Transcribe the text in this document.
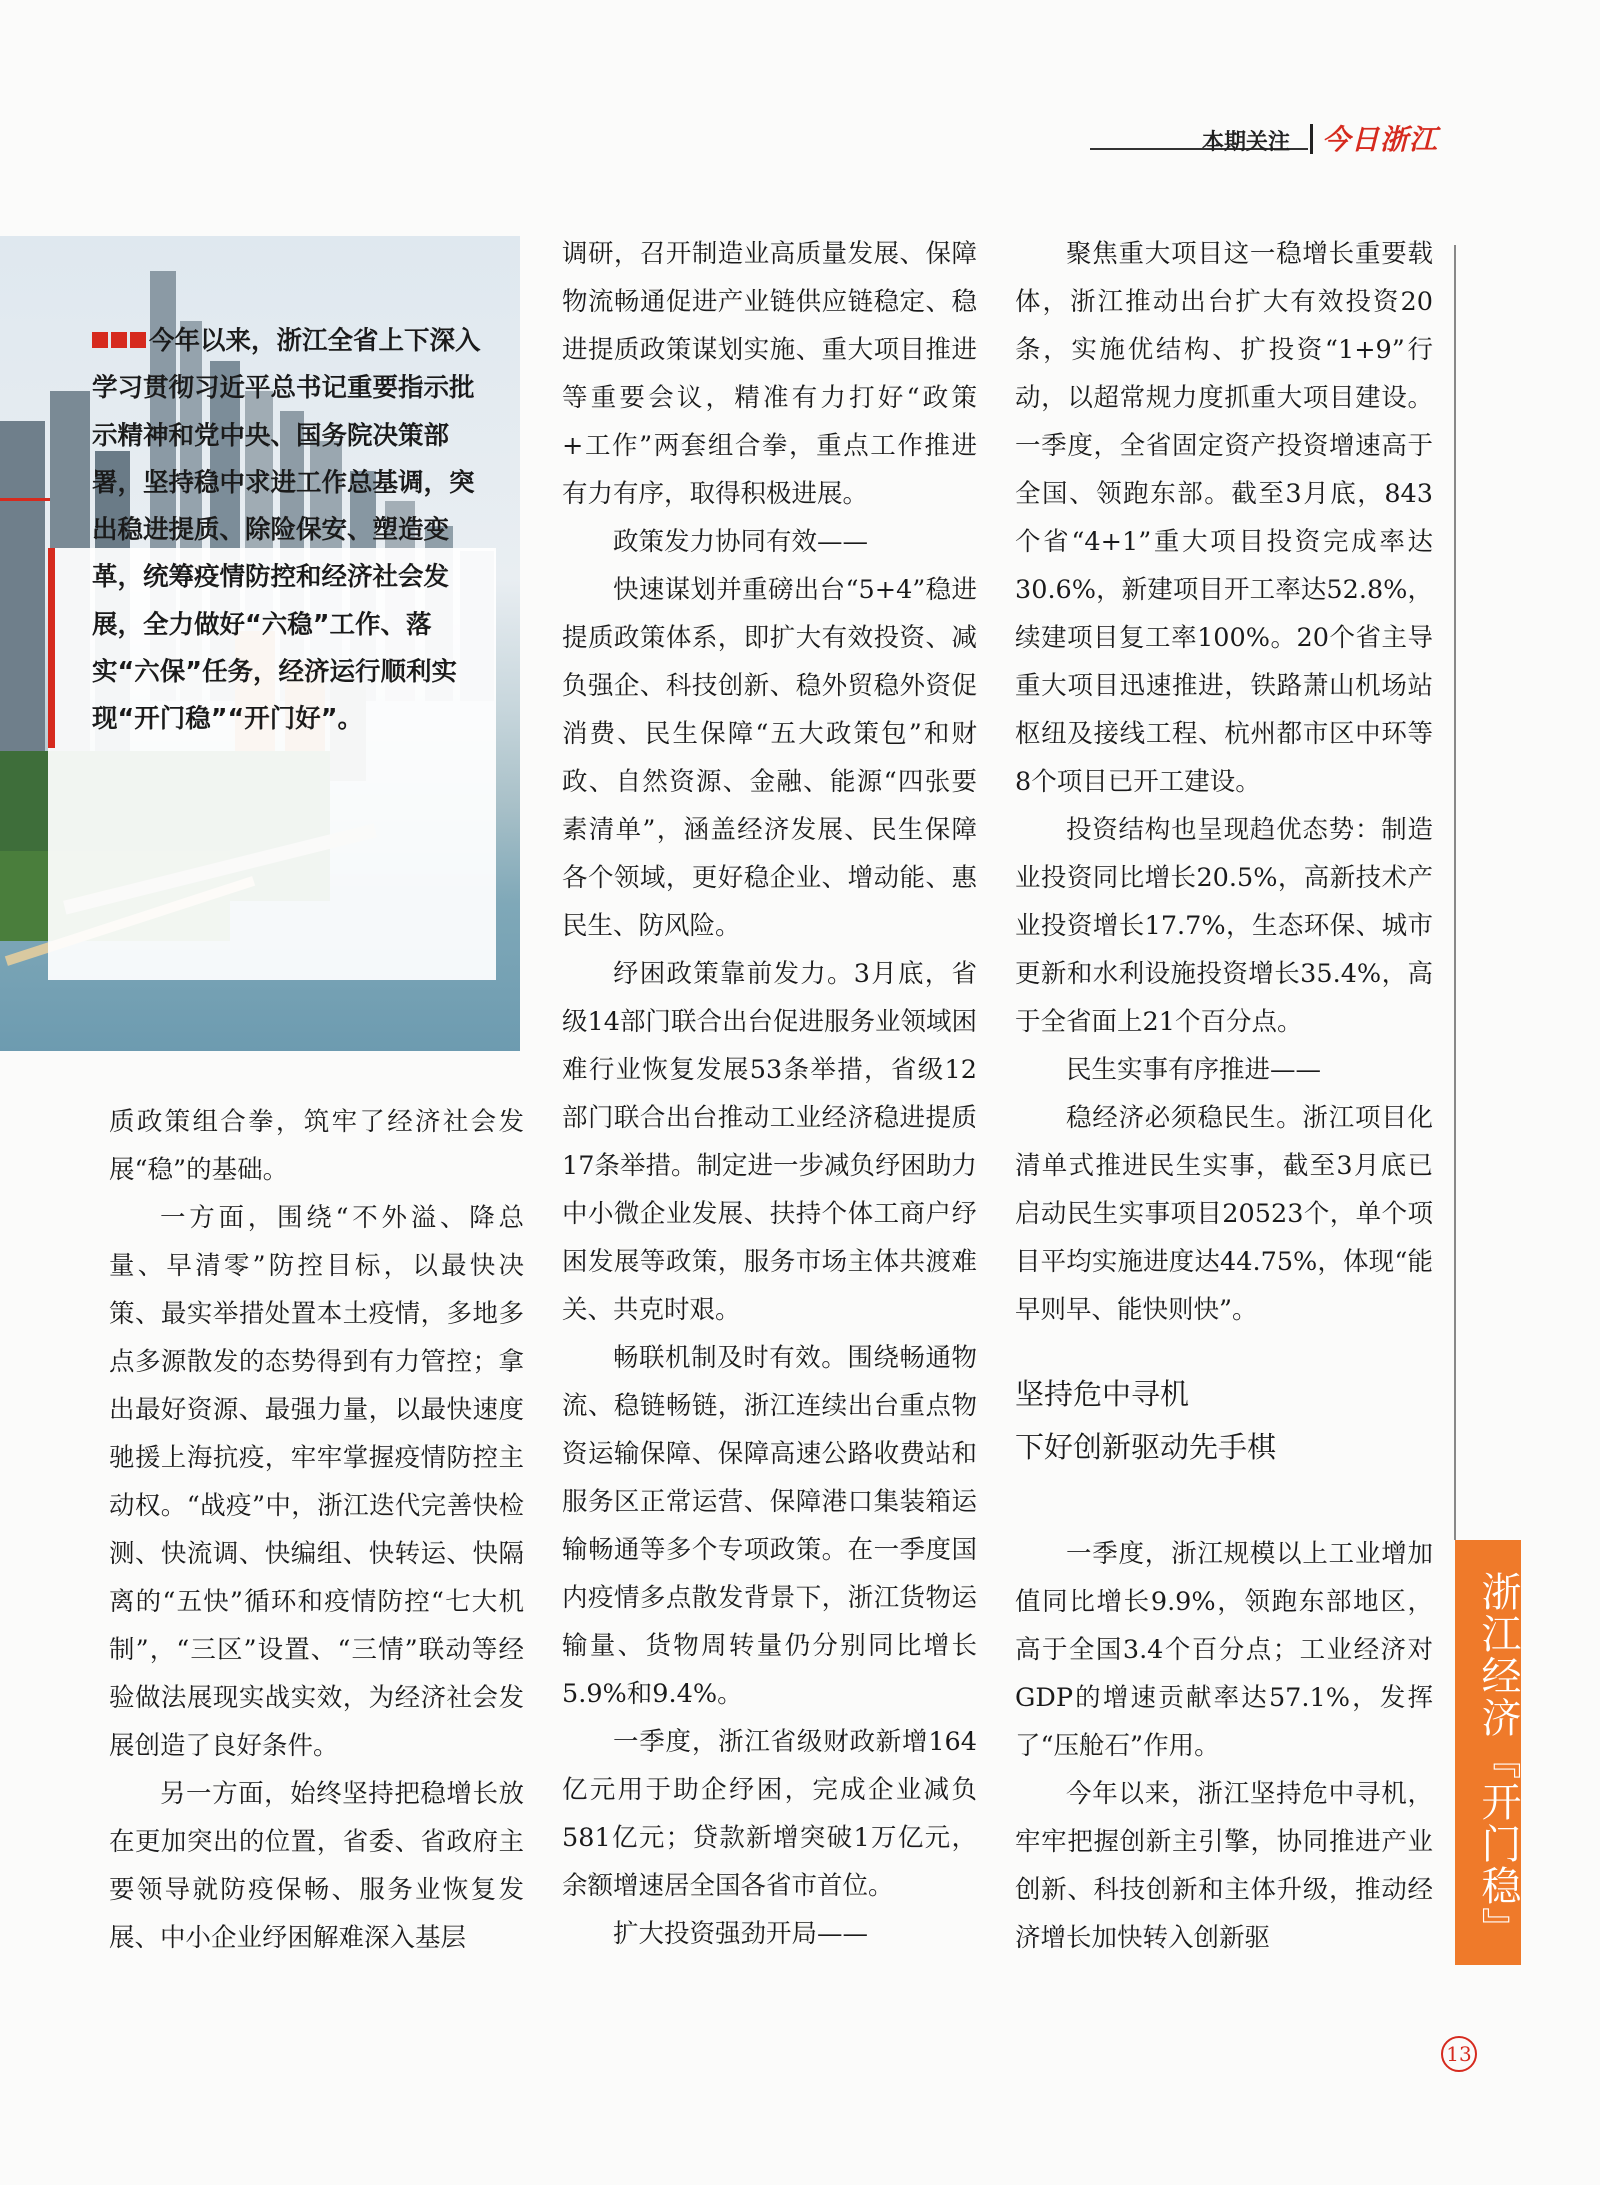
本期关注 今日浙江
今年以来，浙江全省上下深入学习贯彻习近平总书记重要指示批示精神和党中央、国务院决策部署，坚持稳中求进工作总基调，突出稳进提质、除险保安、塑造变革，统筹疫情防控和经济社会发展，全力做好“六稳”工作、落实“六保”任务，经济运行顺利实现“开门稳”“开门好”。

质政策组合拳，筑牢了经济社会发展“稳”的基础。

一方面，围绕“不外溢、降总量、早清零”防控目标，以最快决策、最实举措处置本土疫情，多地多点多源散发的态势得到有力管控；拿出最好资源、最强力量，以最快速度驰援上海抗疫，牢牢掌握疫情防控主动权。“战疫”中，浙江迭代完善快检测、快流调、快编组、快转运、快隔离的“五快”循环和疫情防控“七大机制”，“三区”设置、“三情”联动等经验做法展现实战实效，为经济社会发展创造了良好条件。

另一方面，始终坚持把稳增长放在更加突出的位置，省委、省政府主要领导就防疫保畅、服务业恢复发展、中小企业纾困解难深入基层

调研，召开制造业高质量发展、保障物流畅通促进产业链供应链稳定、稳进提质政策谋划实施、重大项目推进等重要会议，精准有力打好“政策+工作”两套组合拳，重点工作推进有力有序，取得积极进展。

政策发力协同有效——

快速谋划并重磅出台“5+4”稳进提质政策体系，即扩大有效投资、减负强企、科技创新、稳外贸稳外资促消费、民生保障“五大政策包”和财政、自然资源、金融、能源“四张要素清单”，涵盖经济发展、民生保障各个领域，更好稳企业、增动能、惠民生、防风险。

纾困政策靠前发力。3月底，省级14部门联合出台促进服务业领域困难行业恢复发展53条举措，省级12部门联合出台推动工业经济稳进提质17条举措。制定进一步减负纾困助力中小微企业发展、扶持个体工商户纾困发展等政策，服务市场主体共渡难关、共克时艰。

畅联机制及时有效。围绕畅通物流、稳链畅链，浙江连续出台重点物资运输保障、保障高速公路收费站和服务区正常运营、保障港口集装箱运输畅通等多个专项政策。在一季度国内疫情多点散发背景下，浙江货物运输量、货物周转量仍分别同比增长5.9%和9.4%。

一季度，浙江省级财政新增164亿元用于助企纾困，完成企业减负581亿元；贷款新增突破1万亿元，余额增速居全国各省市首位。

扩大投资强劲开局——

聚焦重大项目这一稳增长重要载体，浙江推动出台扩大有效投资20条，实施优结构、扩投资“1+9”行动，以超常规力度抓重大项目建设。一季度，全省固定资产投资增速高于全国、领跑东部。截至3月底，843个省“4+1”重大项目投资完成率达30.6%，新建项目开工率达52.8%，续建项目复工率100%。20个省主导重大项目迅速推进，铁路萧山机场站枢纽及接线工程、杭州都市区中环等8个项目已开工建设。

投资结构也呈现趋优态势：制造业投资同比增长20.5%，高新技术产业投资增长17.7%，生态环保、城市更新和水利设施投资增长35.4%，高于全省面上21个百分点。

民生实事有序推进——

稳经济必须稳民生。浙江项目化清单式推进民生实事，截至3月底已启动民生实事项目20523个，单个项目平均实施进度达44.75%，体现“能早则早、能快则快”。

坚持危中寻机

下好创新驱动先手棋

一季度，浙江规模以上工业增加值同比增长9.9%，领跑东部地区，高于全国3.4个百分点；工业经济对GDP的增速贡献率达57.1%，发挥了“压舱石”作用。

今年以来，浙江坚持危中寻机，牢牢把握创新主引擎，协同推进产业创新、科技创新和主体升级，推动经济增长加快转入创新驱	浙江经济『开门稳』
13
